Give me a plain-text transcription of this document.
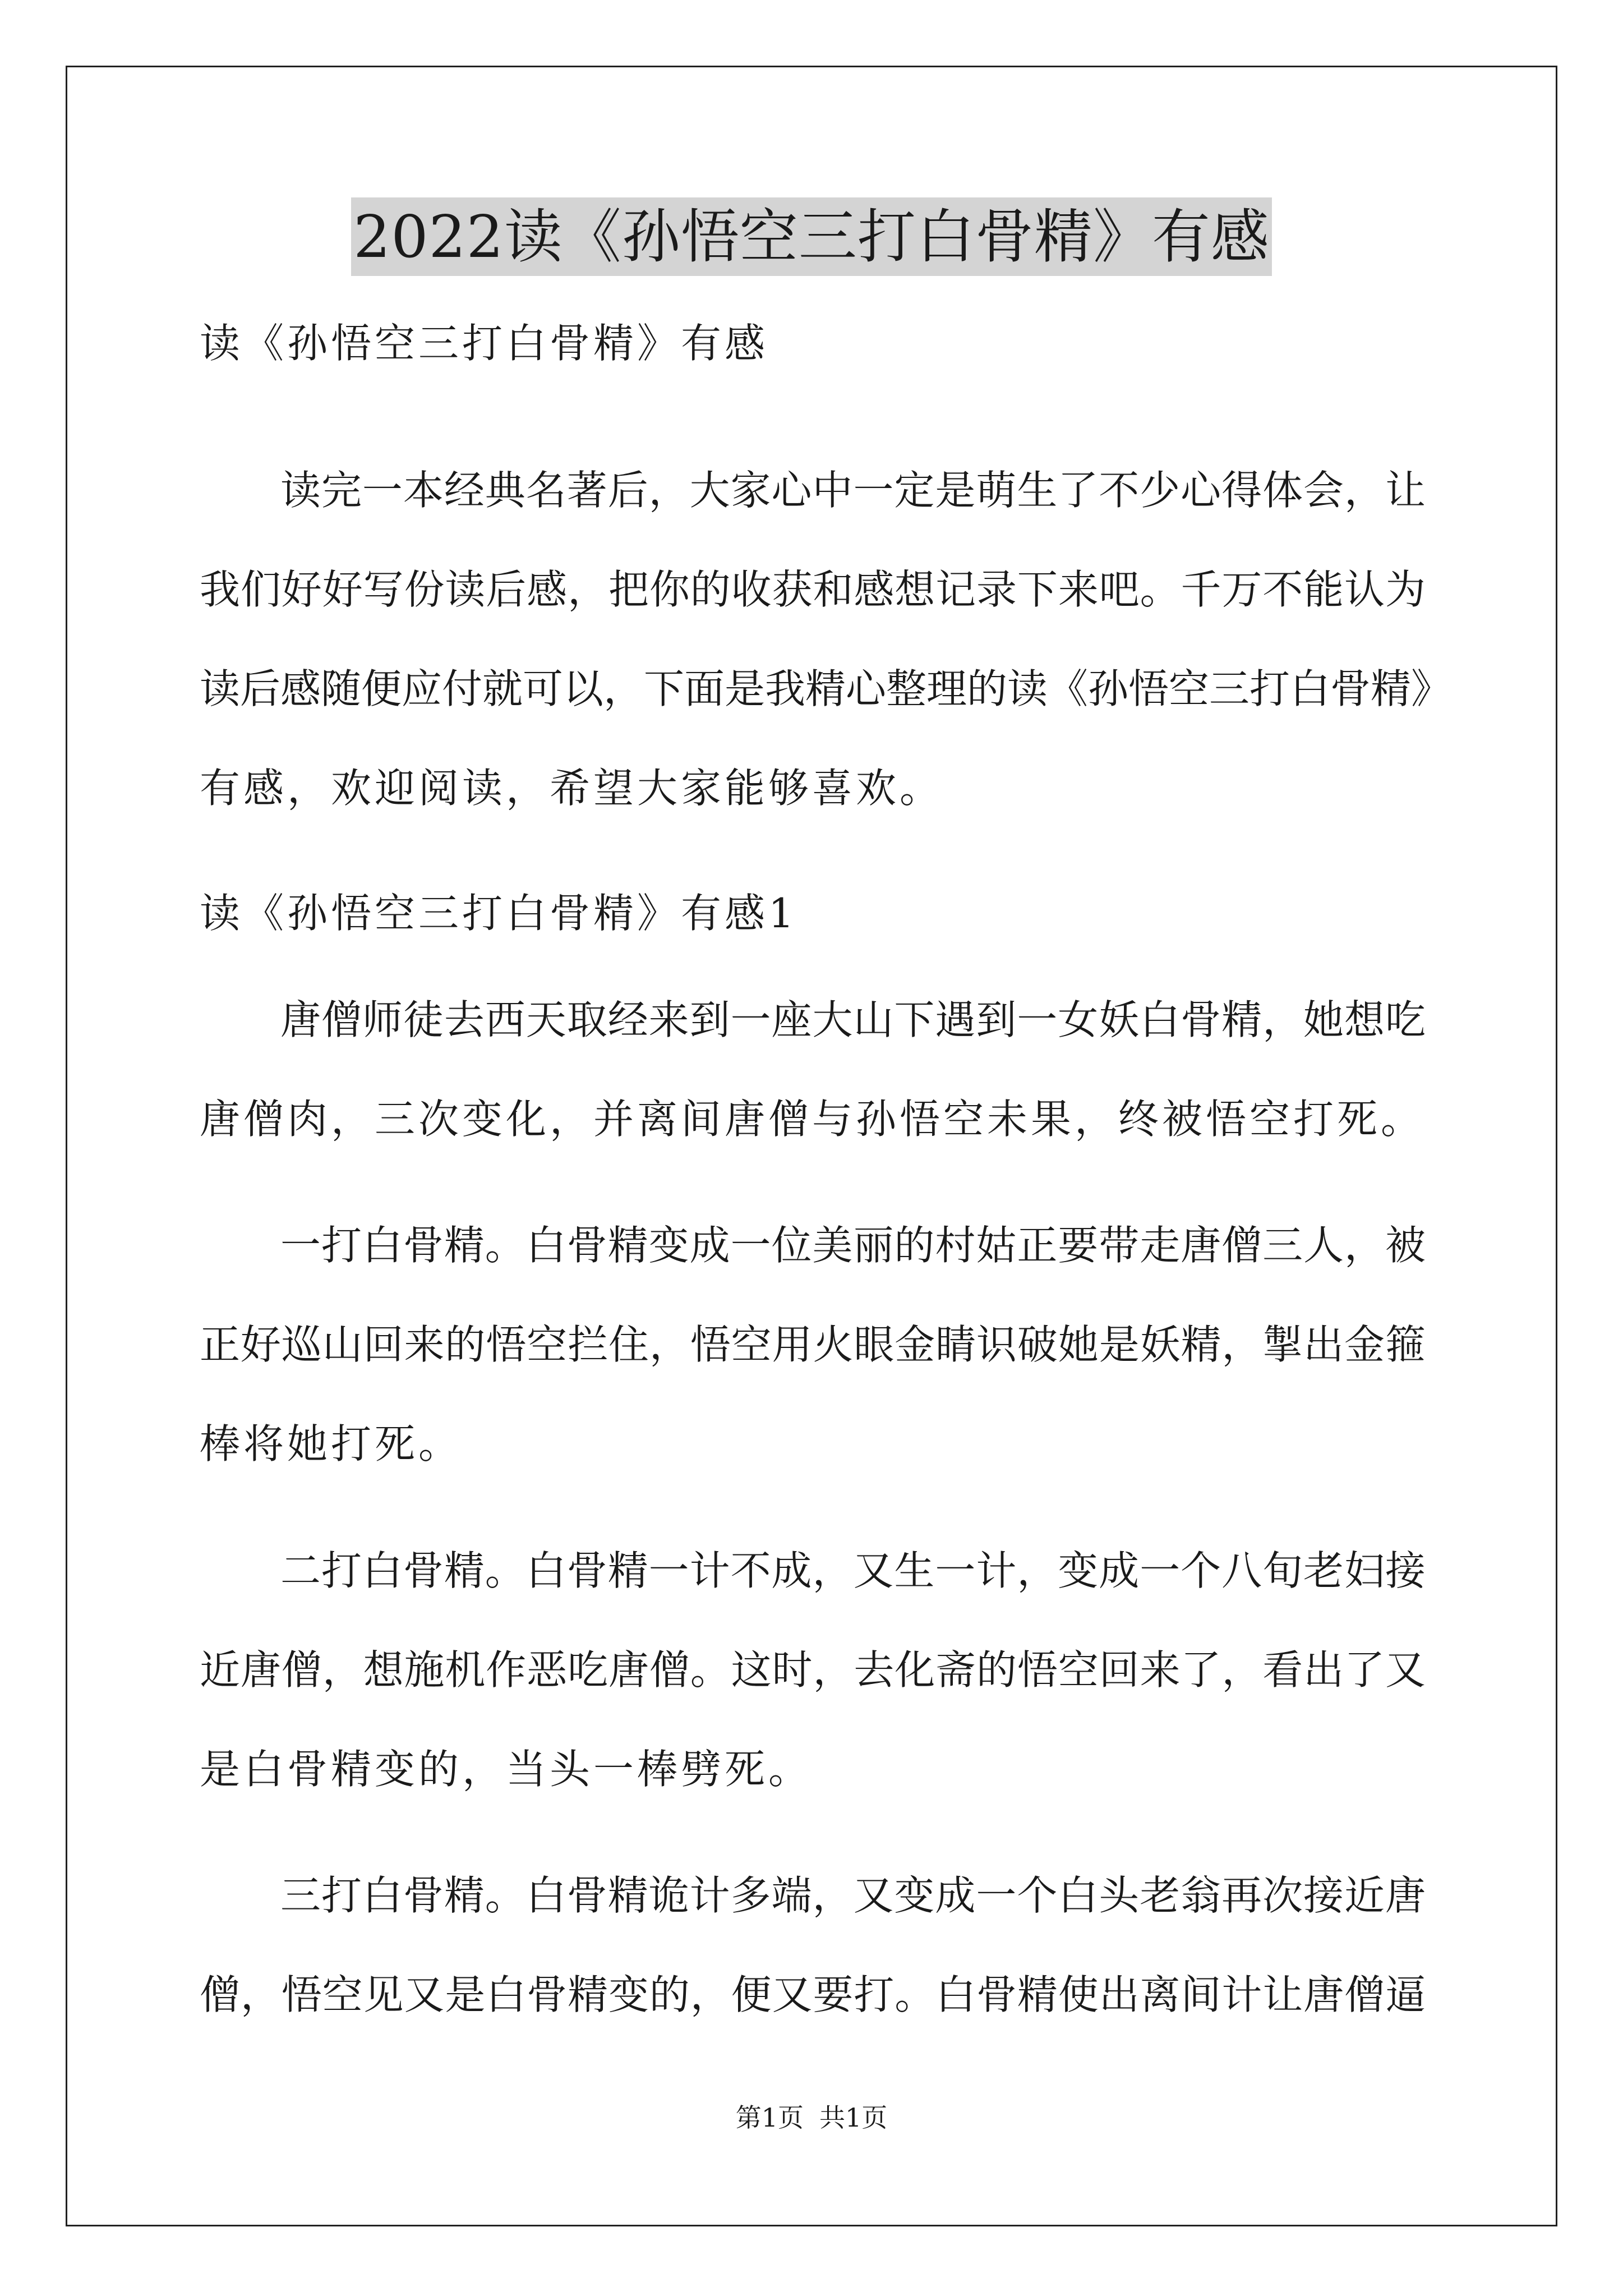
2022读《孙悟空三打白骨精》有感
读《孙悟空三打白骨精》有感
读完一本经典名著后，大家心中一定是萌生了不少心得体会，让
我们好好写份读后感，把你的收获和感想记录下来吧。千万不能认为
读后感随便应付就可以，下面是我精心整理的读《孙悟空三打白骨精》
有感，欢迎阅读，希望大家能够喜欢。
读《孙悟空三打白骨精》有感1
唐僧师徒去西天取经来到一座大山下遇到一女妖白骨精，她想吃
唐僧肉，三次变化，并离间唐僧与孙悟空未果，终被悟空打死。
一打白骨精。白骨精变成一位美丽的村姑正要带走唐僧三人，被
正好巡山回来的悟空拦住，悟空用火眼金睛识破她是妖精，掣出金箍
棒将她打死。
二打白骨精。白骨精一计不成，又生一计，变成一个八旬老妇接
近唐僧，想施机作恶吃唐僧。这时，去化斋的悟空回来了，看出了又
是白骨精变的，当头一棒劈死。
三打白骨精。白骨精诡计多端，又变成一个白头老翁再次接近唐
僧，悟空见又是白骨精变的，便又要打。白骨精使出离间计让唐僧逼
第1页 共1页
